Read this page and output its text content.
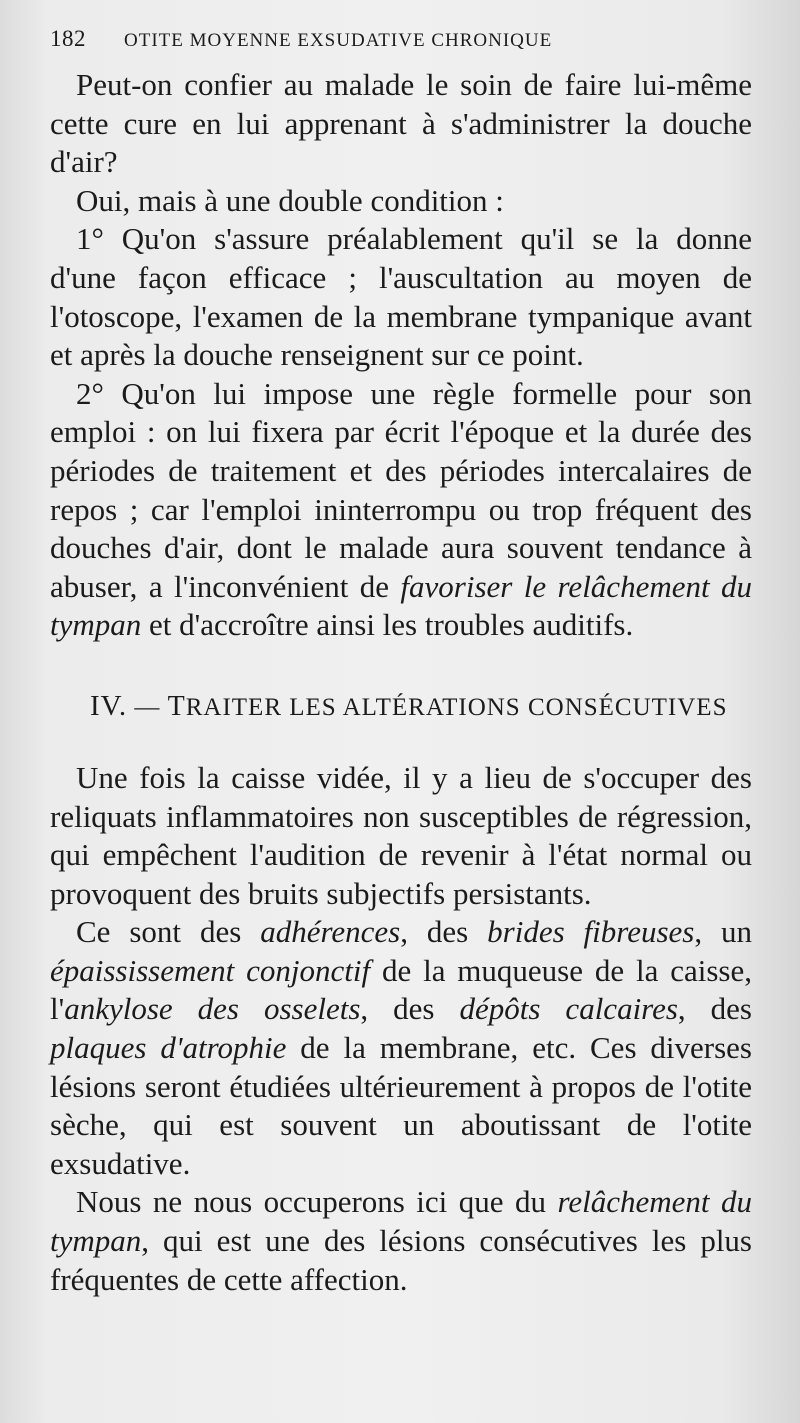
182 OTITE MOYENNE EXSUDATIVE CHRONIQUE

Peut-on confier au malade le soin de faire lui-même cette cure en lui apprenant à s'administrer la douche d'air?

Oui, mais à une double condition :

1° Qu'on s'assure préalablement qu'il se la donne d'une façon efficace ; l'auscultation au moyen de l'otoscope, l'examen de la membrane tympanique avant et après la douche renseignent sur ce point.

2° Qu'on lui impose une règle formelle pour son emploi : on lui fixera par écrit l'époque et la durée des périodes de traitement et des périodes intercalaires de repos ; car l'emploi ininterrompu ou trop fréquent des douches d'air, dont le malade aura souvent tendance à abuser, a l'inconvénient de favoriser le relâchement du tympan et d'accroître ainsi les troubles auditifs.

IV. — TRAITER LES ALTÉRATIONS CONSÉCUTIVES

Une fois la caisse vidée, il y a lieu de s'occuper des reliquats inflammatoires non susceptibles de régression, qui empêchent l'audition de revenir à l'état normal ou provoquent des bruits subjectifs persistants.

Ce sont des adhérences, des brides fibreuses, un épaississement conjonctif de la muqueuse de la caisse, l'ankylose des osselets, des dépôts calcaires, des plaques d'atrophie de la membrane, etc. Ces diverses lésions seront étudiées ultérieurement à propos de l'otite sèche, qui est souvent un aboutissant de l'otite exsudative.

Nous ne nous occuperons ici que du relâchement du tympan, qui est une des lésions consécutives les plus fréquentes de cette affection.
